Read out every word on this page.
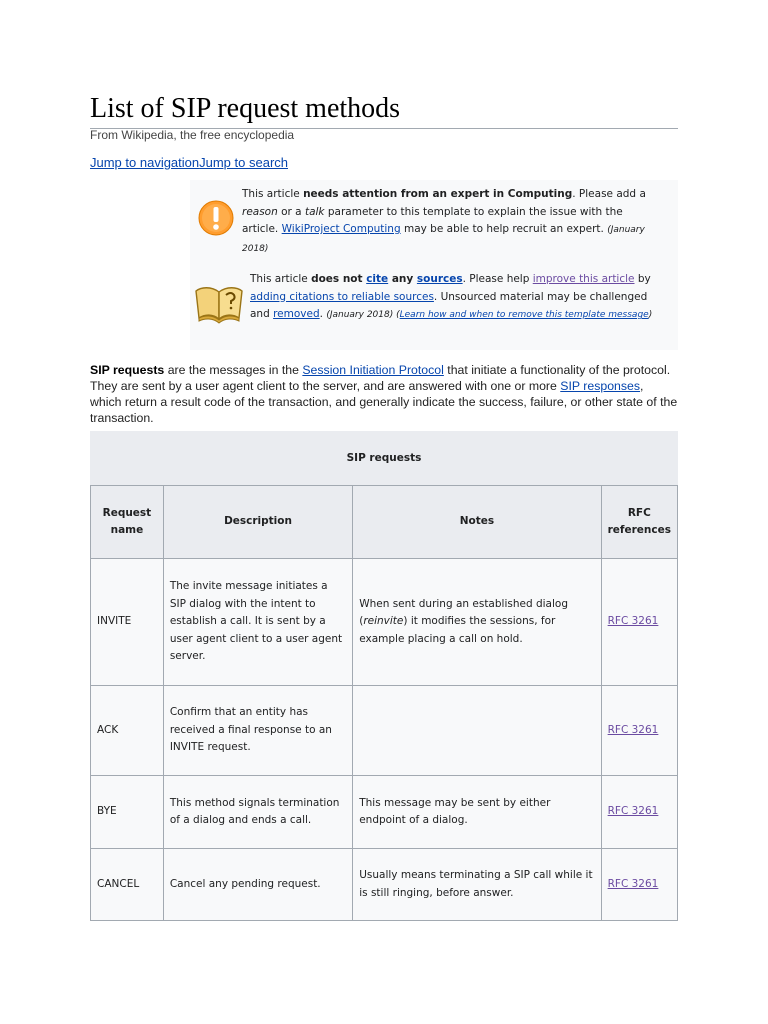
List of SIP request methods
From Wikipedia, the free encyclopedia
Jump to navigationJump to search
This article needs attention from an expert in Computing. Please add a reason or a talk parameter to this template to explain the issue with the article. WikiProject Computing may be able to help recruit an expert. (January 2018)
This article does not cite any sources. Please help improve this article by adding citations to reliable sources. Unsourced material may be challenged and removed. (January 2018) (Learn how and when to remove this template message)

SIP requests are the messages in the Session Initiation Protocol that initiate a functionality of the protocol. They are sent by a user agent client to the server, and are answered with one or more SIP responses, which return a result code of the transaction, and generally indicate the success, failure, or other state of the transaction.

SIP requests
Request name	Description	Notes	RFC references
INVITE	The invite message initiates a SIP dialog with the intent to establish a call. It is sent by a user agent client to a user agent server.	When sent during an established dialog (reinvite) it modifies the sessions, for example placing a call on hold.	RFC 3261
ACK	Confirm that an entity has received a final response to an INVITE request.		RFC 3261
BYE	This method signals termination of a dialog and ends a call.	This message may be sent by either endpoint of a dialog.	RFC 3261
CANCEL	Cancel any pending request.	Usually means terminating a SIP call while it is still ringing, before answer.	RFC 3261
